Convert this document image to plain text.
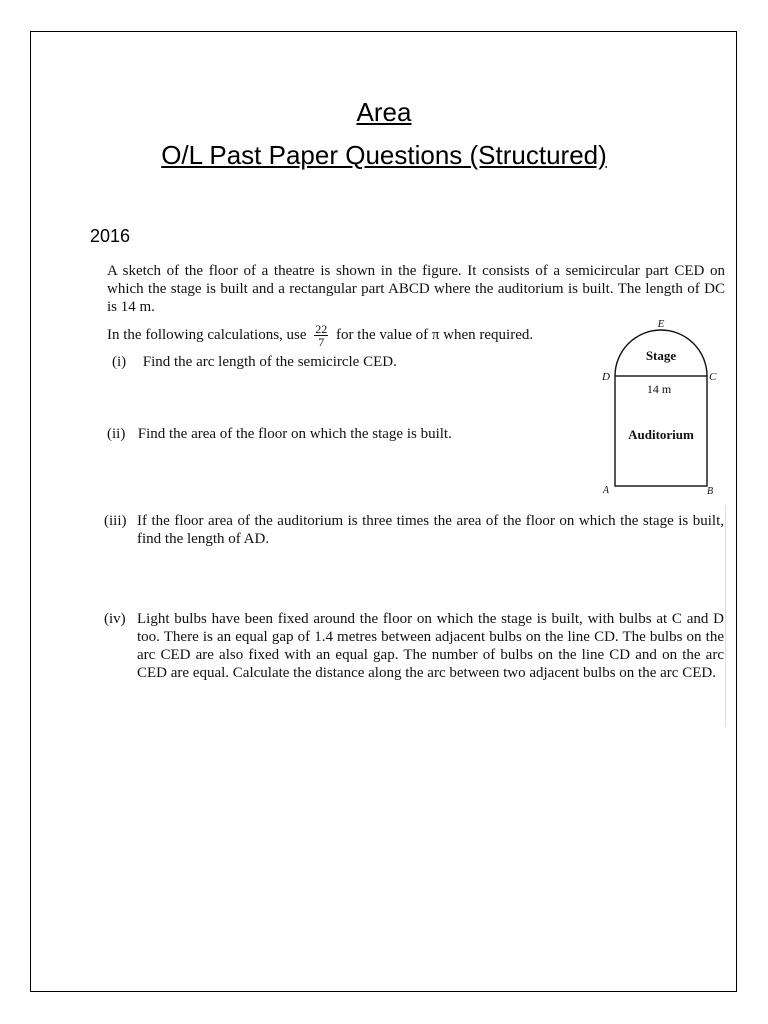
Area
O/L Past Paper Questions (Structured)
2016

A sketch of the floor of a theatre is shown in the figure. It consists of a semicircular part CED on which the stage is built and a rectangular part ABCD where the auditorium is built. The length of DC is 14 m.

In the following calculations, use $\frac{22}{7}$ for the value of π when required.
(i) Find the arc length of the semicircle CED.
(ii) Find the area of the floor on which the stage is built.
(iii) If the floor area of the auditorium is three times the area of the floor on which the stage is built, find the length of AD.
(iv) Light bulbs have been fixed around the floor on which the stage is built, with bulbs at C and D too. There is an equal gap of 1.4 metres between adjacent bulbs on the line CD. The bulbs on the arc CED are also fixed with an equal gap. The number of bulbs on the line CD and on the arc CED are equal. Calculate the distance along the arc between two adjacent bulbs on the arc CED.
E
D	C
A	B
Stage
14 m
Auditorium
